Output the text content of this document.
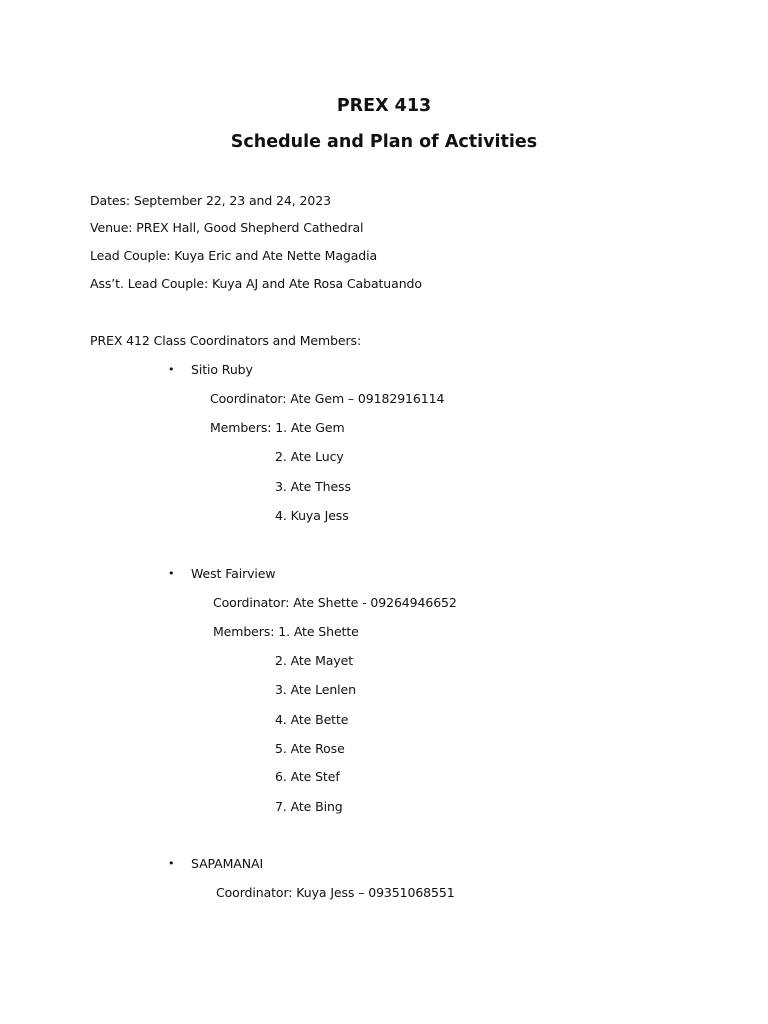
PREX 413
Schedule and Plan of Activities
Dates: September 22, 23 and 24, 2023
Venue: PREX Hall, Good Shepherd Cathedral
Lead Couple: Kuya Eric and Ate Nette Magadia
Ass’t. Lead Couple: Kuya AJ and Ate Rosa Cabatuando
PREX 412 Class Coordinators and Members:
• Sitio Ruby
Coordinator: Ate Gem – 09182916114
Members: 1. Ate Gem
2. Ate Lucy
3. Ate Thess
4. Kuya Jess
• West Fairview
Coordinator: Ate Shette - 09264946652
Members: 1. Ate Shette
2. Ate Mayet
3. Ate Lenlen
4. Ate Bette
5. Ate Rose
6. Ate Stef
7. Ate Bing
• SAPAMANAI
Coordinator: Kuya Jess – 09351068551
